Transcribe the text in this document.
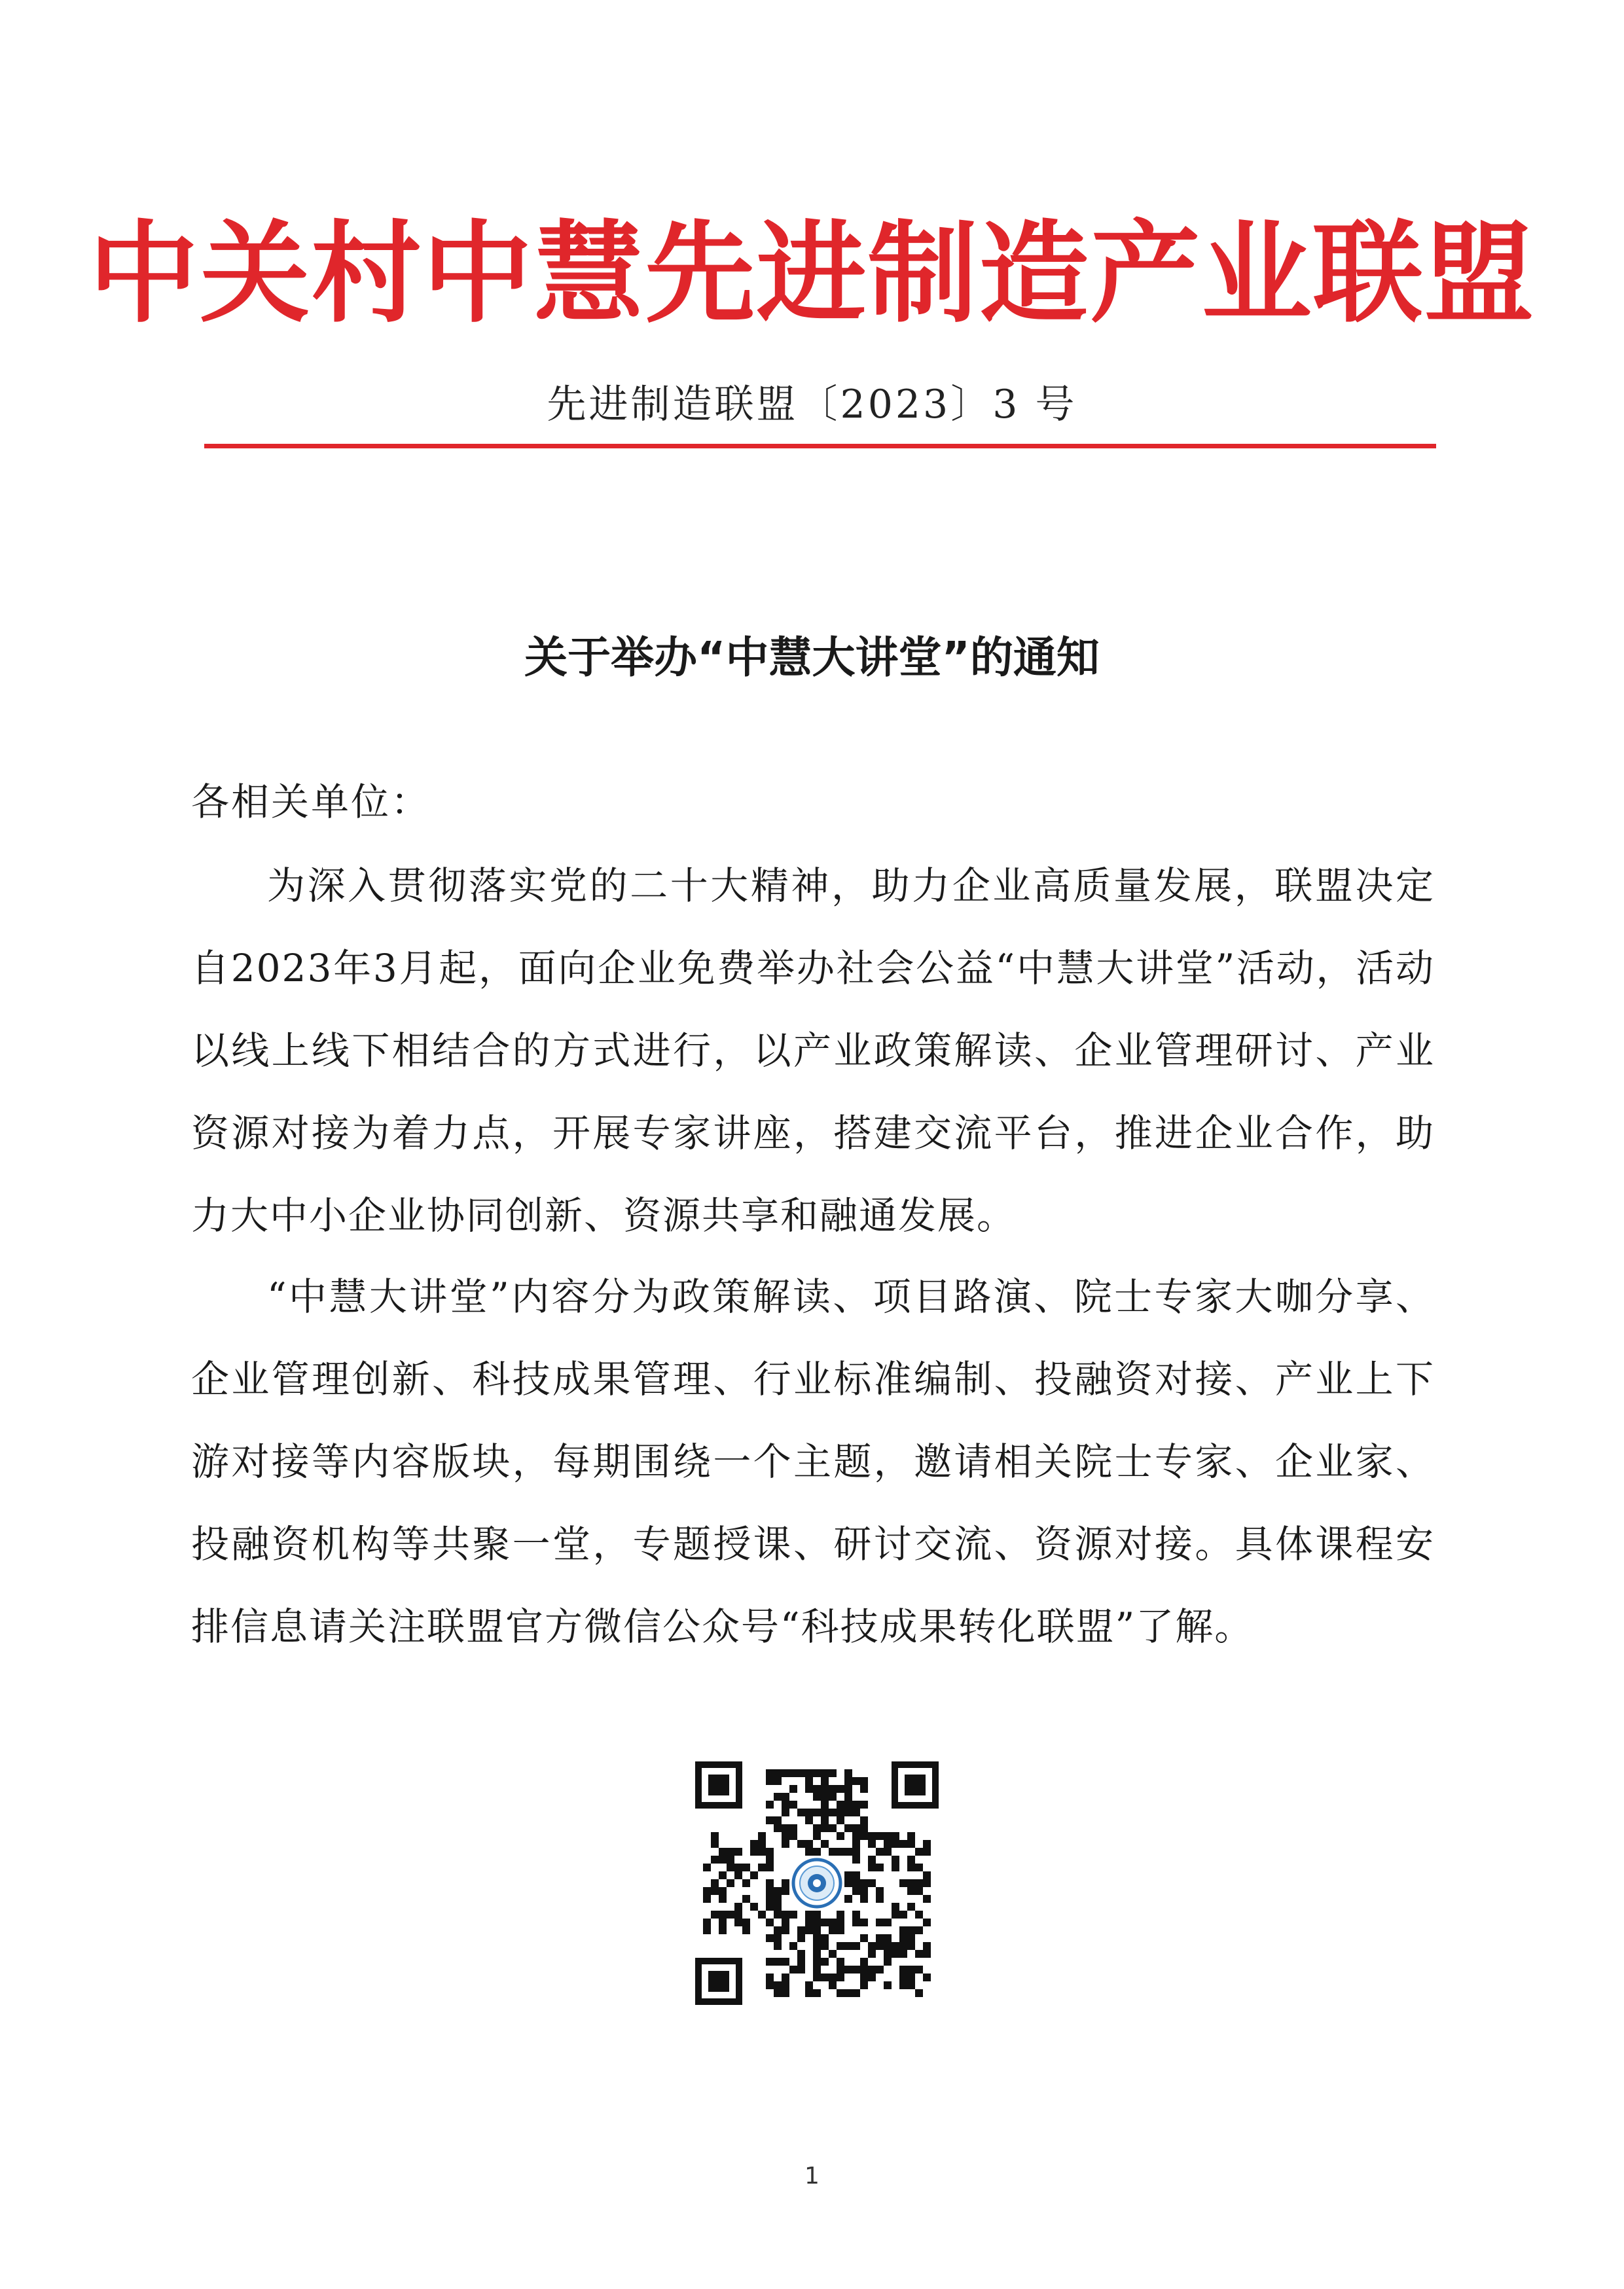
中关村中慧先进制造产业联盟
先进制造联盟〔2023〕3 号
关于举办“中慧大讲堂”的通知
各相关单位：

为深入贯彻落实党的二十大精神，助力企业高质量发展，联盟决定自2023年3月起，面向企业免费举办社会公益“中慧大讲堂”活动，活动以线上线下相结合的方式进行，以产业政策解读、企业管理研讨、产业资源对接为着力点，开展专家讲座，搭建交流平台，推进企业合作，助力大中小企业协同创新、资源共享和融通发展。

“中慧大讲堂”内容分为政策解读、项目路演、院士专家大咖分享、企业管理创新、科技成果管理、行业标准编制、投融资对接、产业上下游对接等内容版块，每期围绕一个主题，邀请相关院士专家、企业家、投融资机构等共聚一堂，专题授课、研讨交流、资源对接。具体课程安排信息请关注联盟官方微信公众号“科技成果转化联盟”了解。

1
